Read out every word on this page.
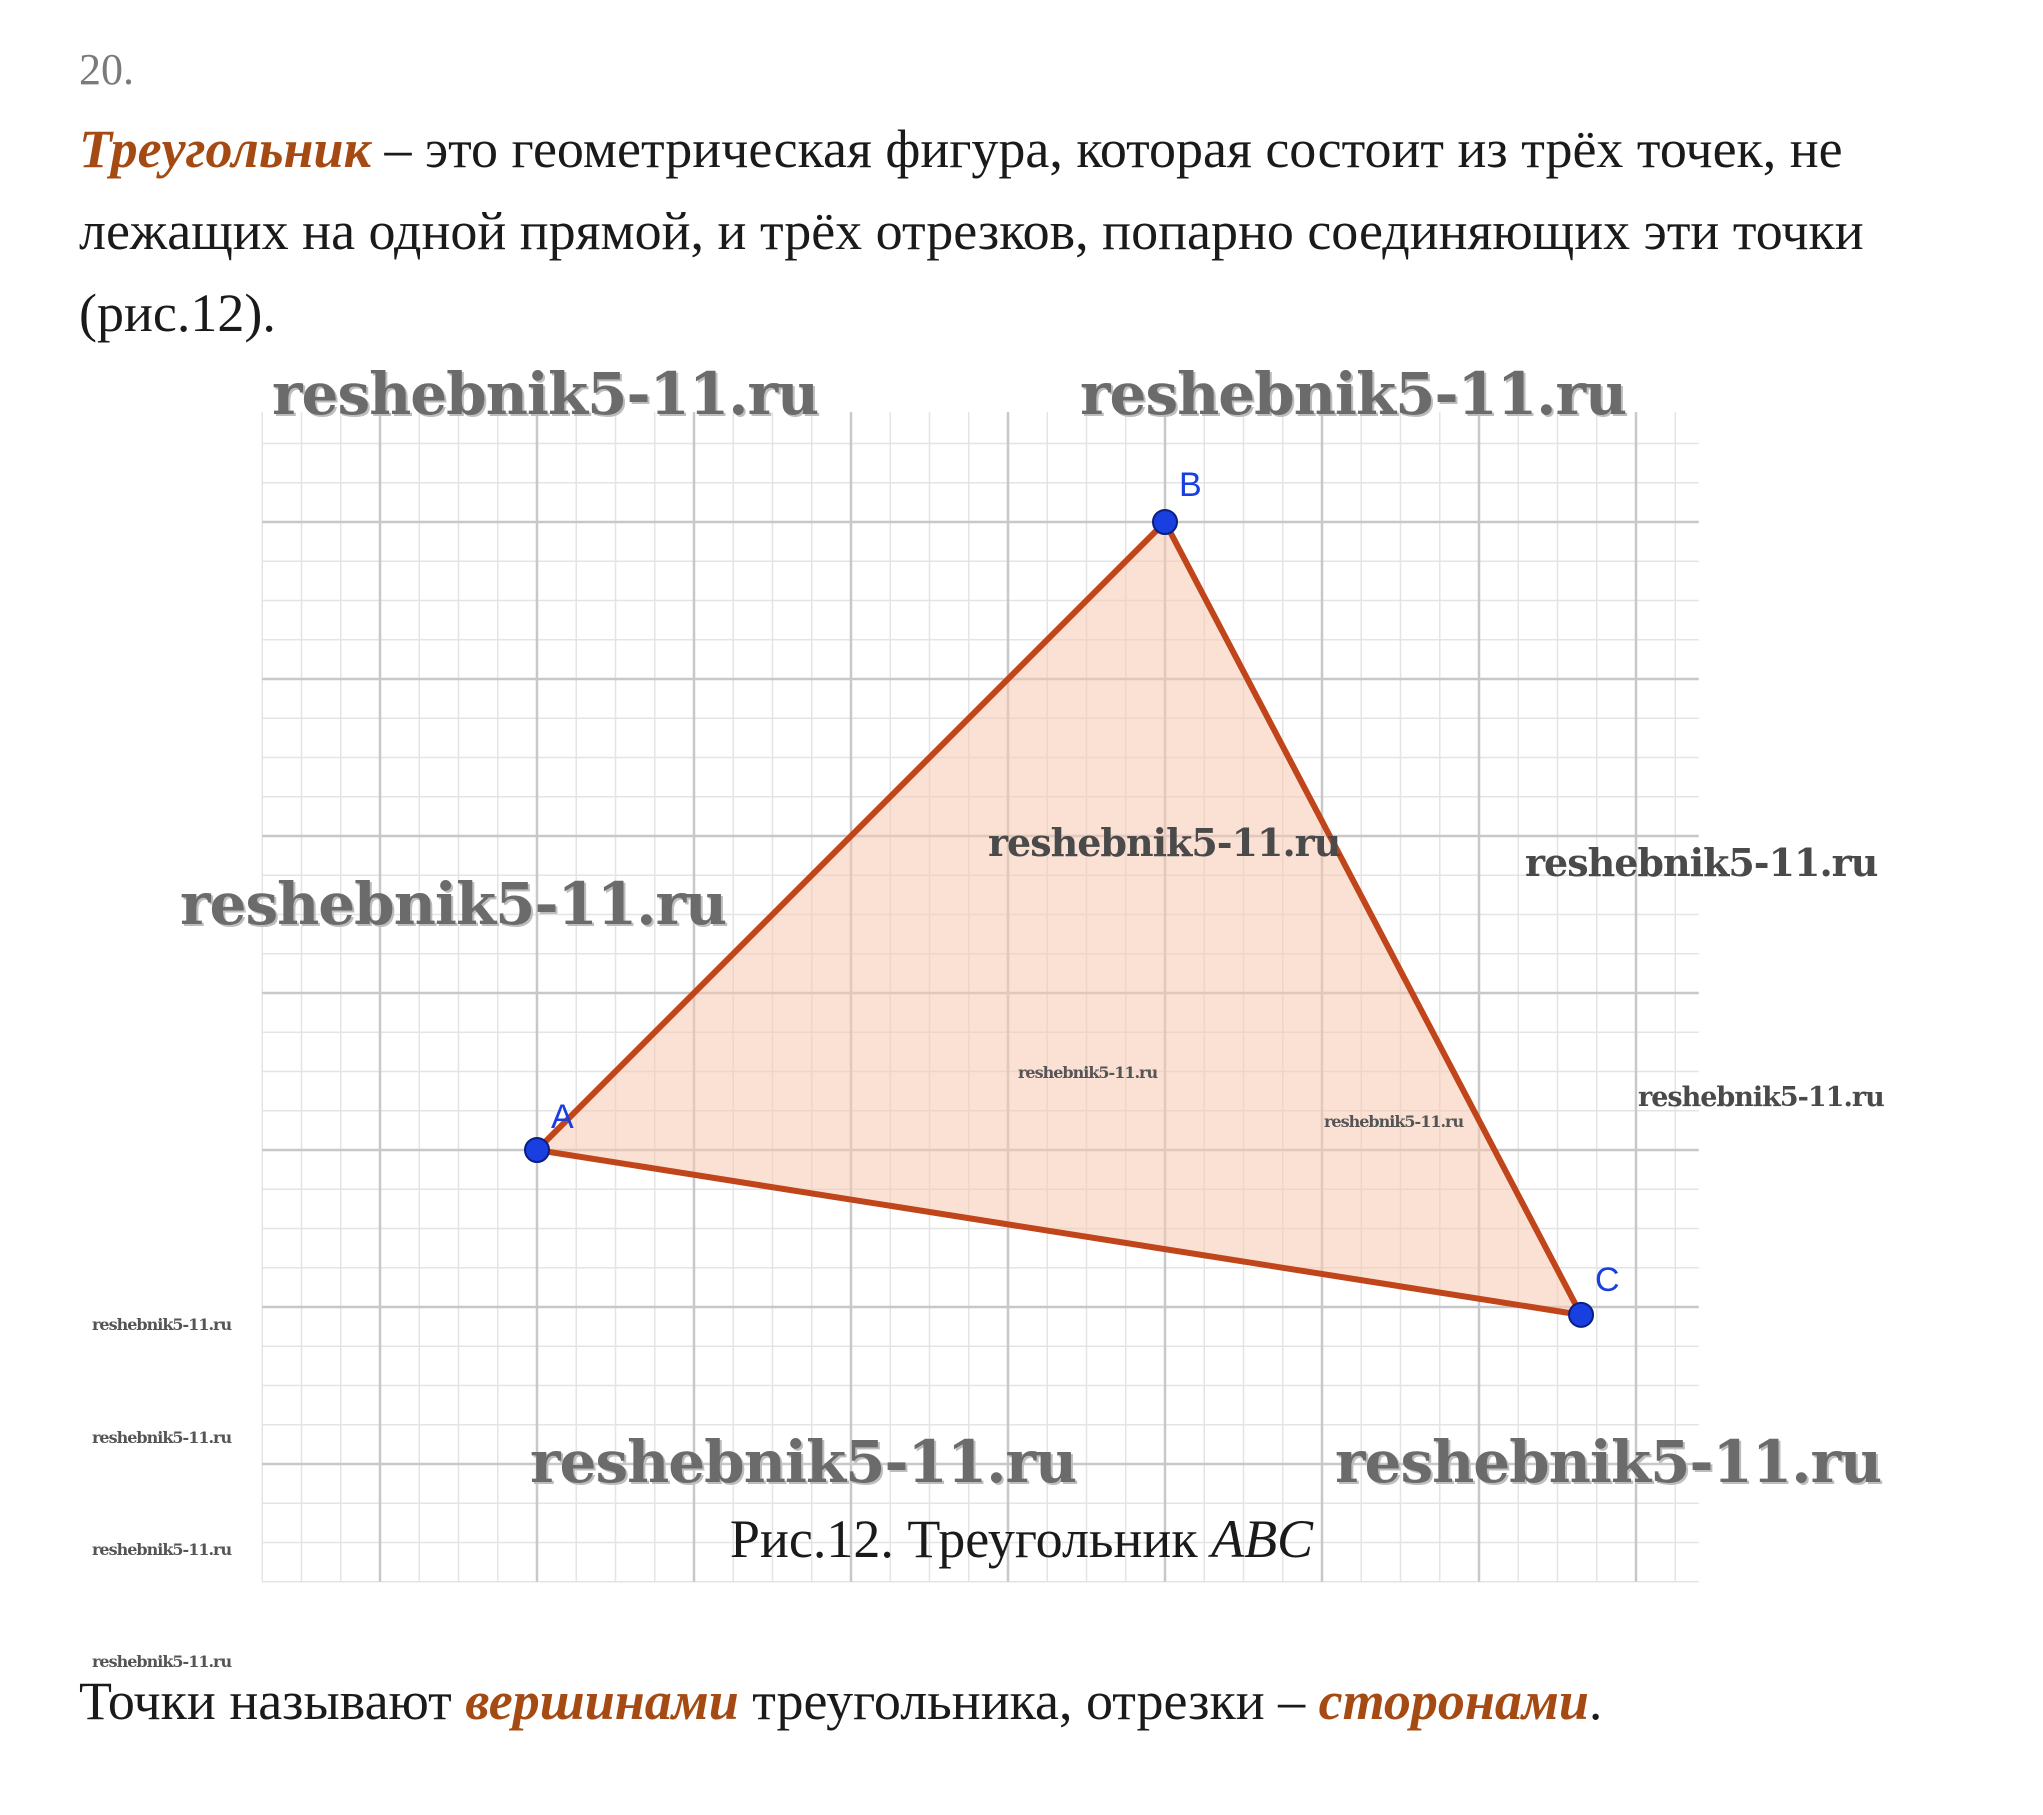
20.
Треугольник – это геометрическая фигура, которая состоит из трёх точек, не лежащих на одной прямой, и трёх отрезков, попарно соединяющих эти точки (рис.12).
A
B
C
reshebnik5-11.ru	reshebnik5-11.ru
reshebnik5-11.ru
reshebnik5-11.ru	reshebnik5-11.ru
reshebnik5-11.ru
reshebnik5-11.ru
reshebnik5-11.ru
reshebnik5-11.ru
reshebnik5-11.ru
reshebnik5-11.ru
reshebnik5-11.ru
reshebnik5-11.ru	reshebnik5-11.ru
Рис.12. Треугольник ABC
Точки называют вершинами треугольника, отрезки – сторонами.
